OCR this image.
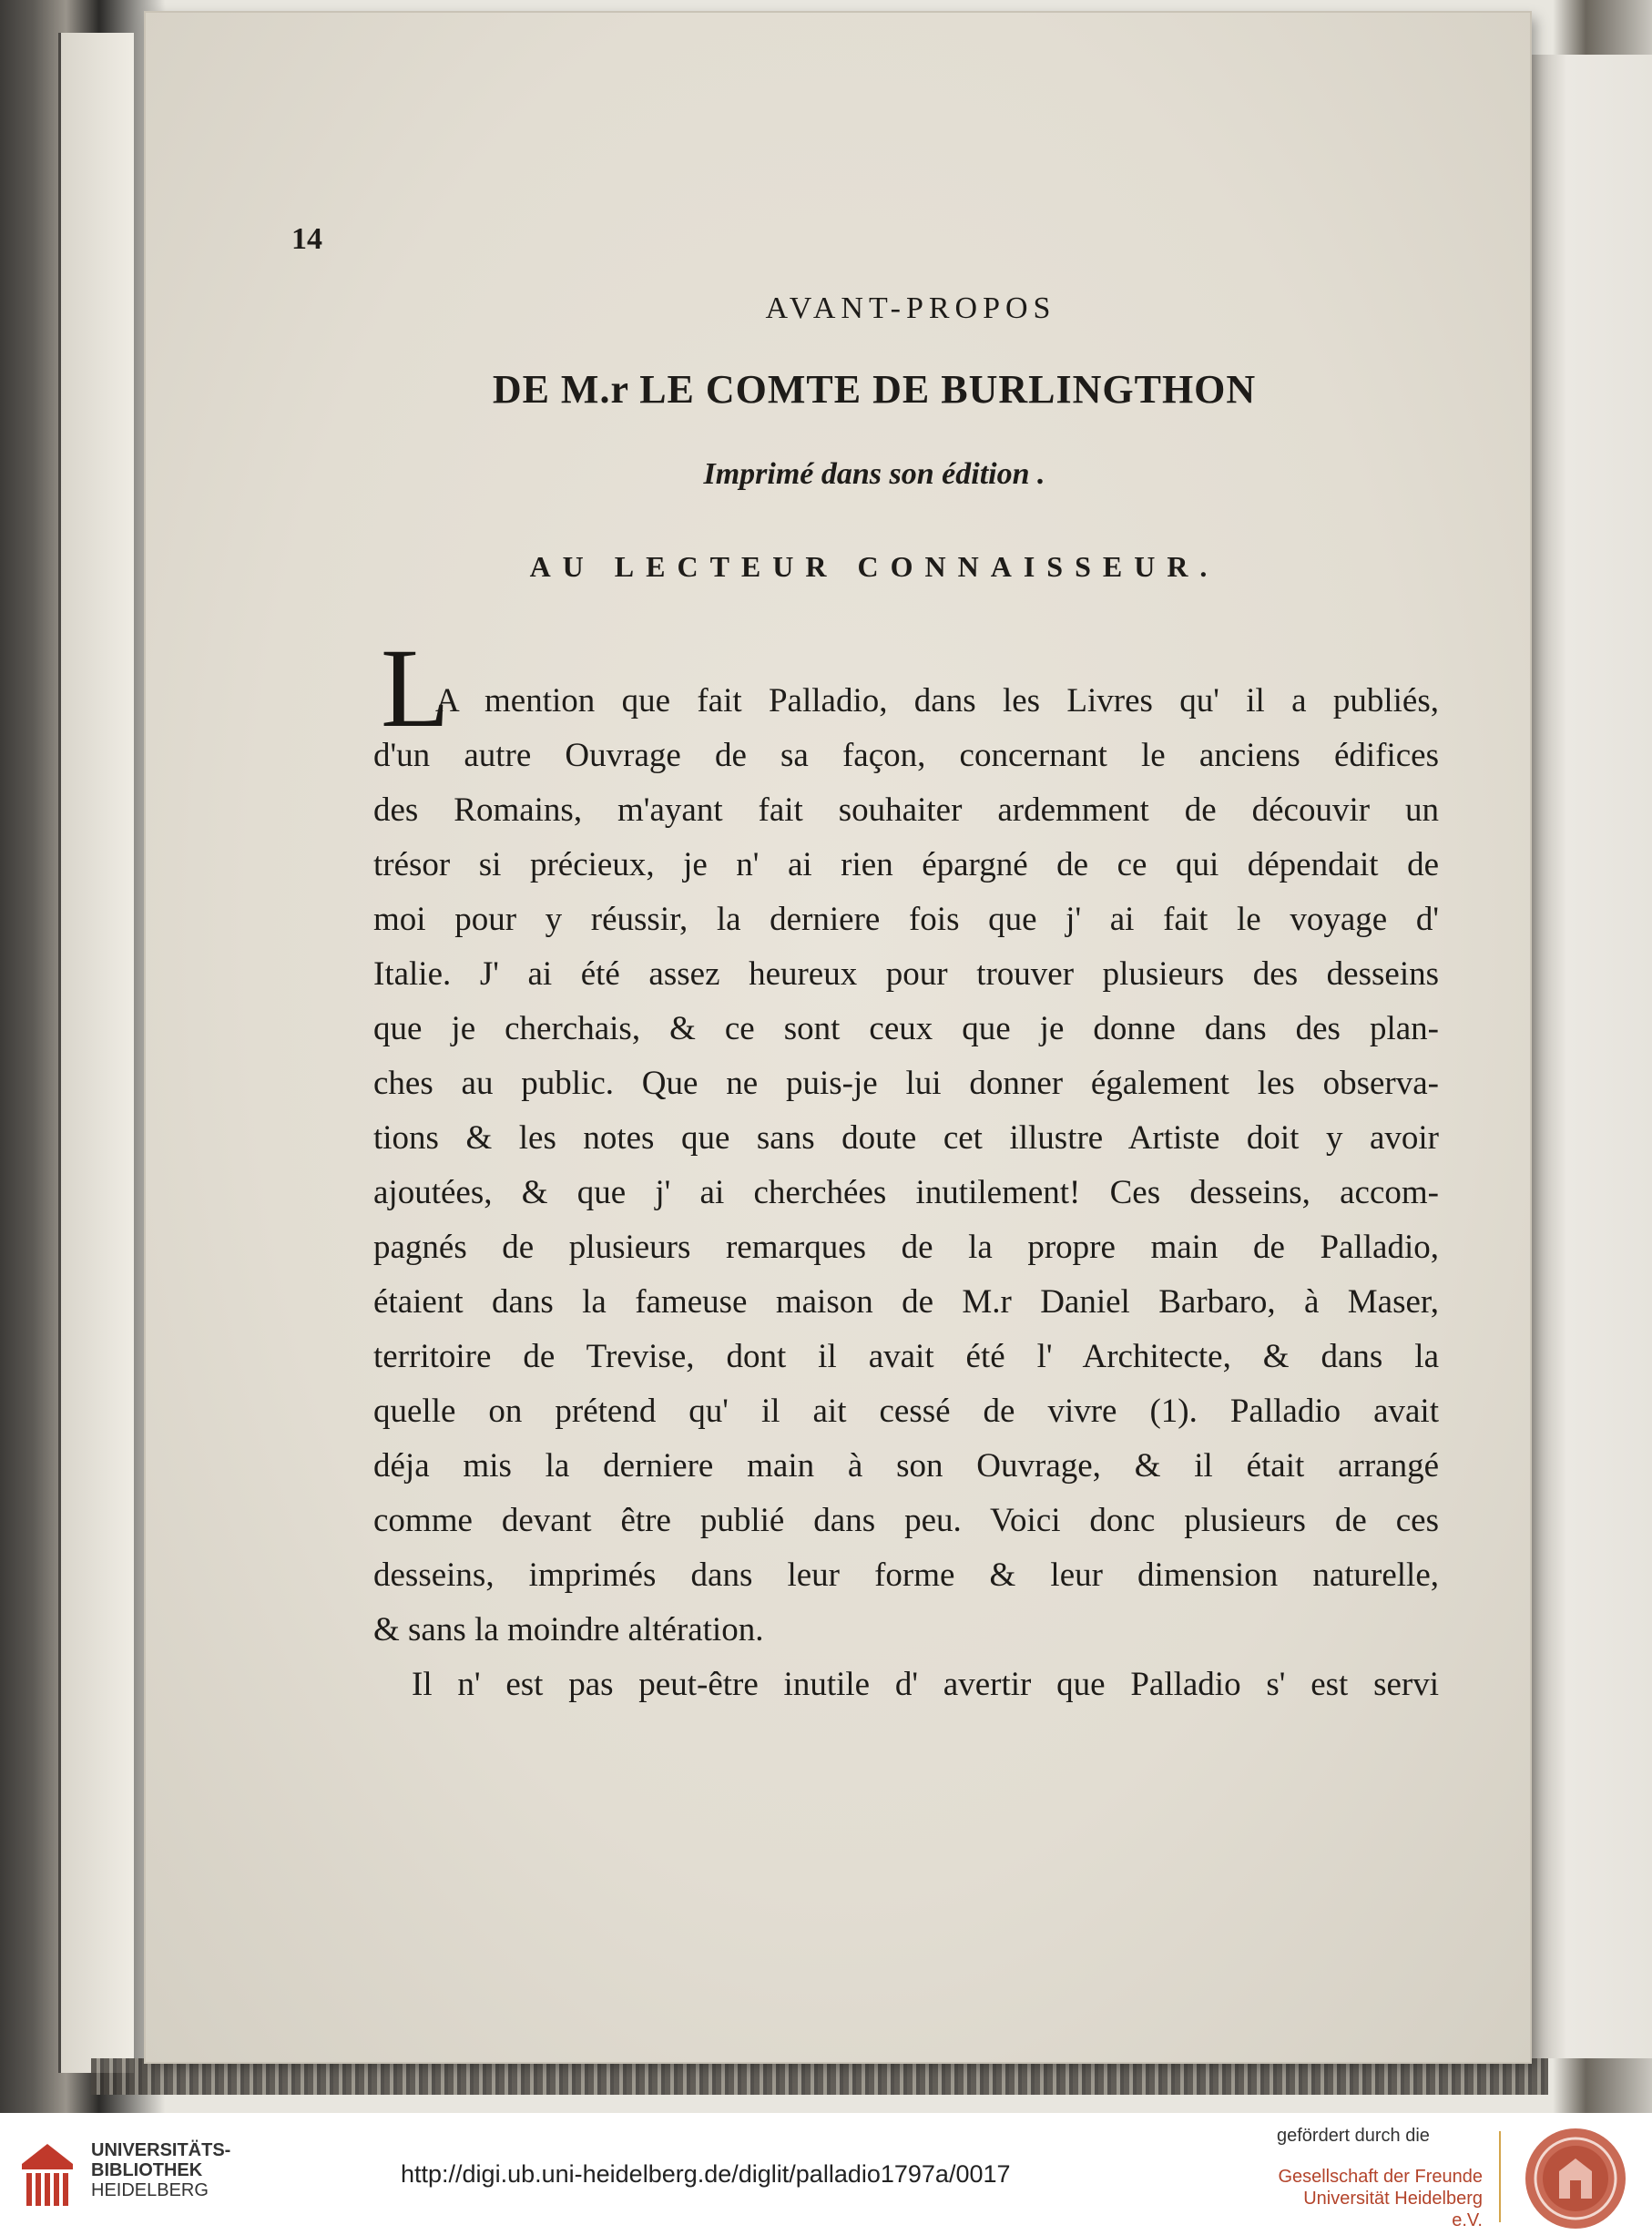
14
AVANT-PROPOS
DE M.r LE COMTE DE BURLINGTHON
Imprimé dans son édition .
AU LECTEUR CONNAISSEUR.
L
A mention que fait Palladio, dans les Livres qu' il a publiés,
d'un autre Ouvrage de sa façon, concernant le anciens édifices
des Romains, m'ayant fait souhaiter ardemment de découvir un
trésor si précieux, je n' ai rien épargné de ce qui dépendait de
moi pour y réussir, la derniere fois que j' ai fait le voyage d'
Italie. J' ai été assez heureux pour trouver plusieurs des desseins
que je cherchais, & ce sont ceux que je donne dans des plan-
ches au public. Que ne puis-je lui donner également les observa-
tions & les notes que sans doute cet illustre Artiste doit y avoir
ajoutées, & que j' ai cherchées inutilement! Ces desseins, accom-
pagnés de plusieurs remarques de la propre main de Palladio,
étaient dans la fameuse maison de M.r Daniel Barbaro, à Maser,
territoire de Trevise, dont il avait été l' Architecte, & dans la
quelle on prétend qu' il ait cessé de vivre (1). Palladio avait
déja mis la derniere main à son Ouvrage, & il était arrangé
comme devant être publié dans peu. Voici donc plusieurs de ces
desseins, imprimés dans leur forme & leur dimension naturelle,
& sans la moindre altération.
Il n' est pas peut-être inutile d' avertir que Palladio s' est servi
UNIVERSITÄTS-
BIBLIOTHEK
HEIDELBERG
http://digi.ub.uni-heidelberg.de/diglit/palladio1797a/0017
gefördert durch die
Gesellschaft der Freunde
Universität Heidelberg e.V.
